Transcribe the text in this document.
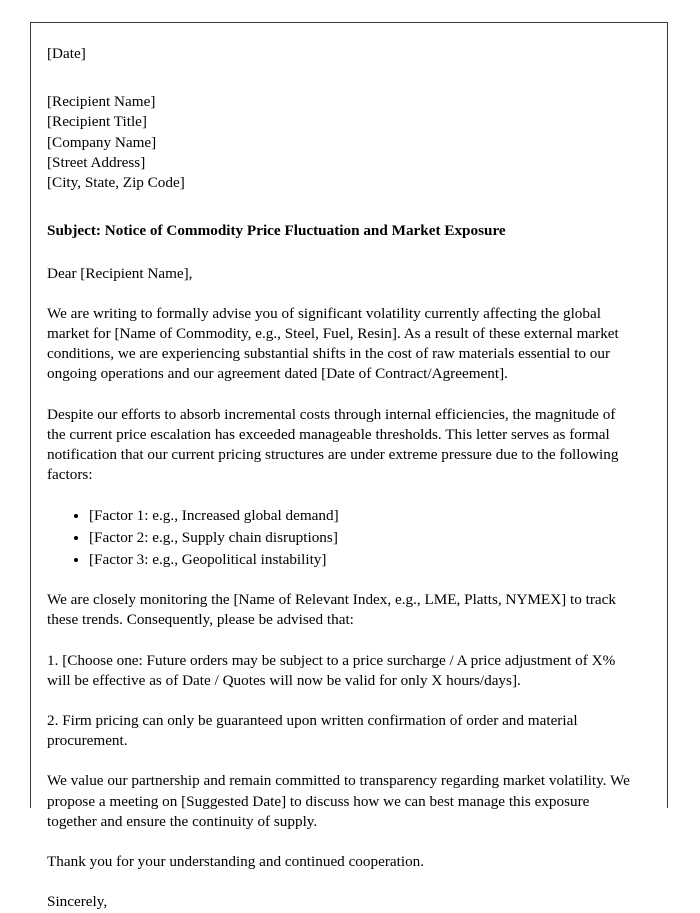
[Date]
[Recipient Name]
[Recipient Title]
[Company Name]
[Street Address]
[City, State, Zip Code]
Subject: Notice of Commodity Price Fluctuation and Market Exposure
Dear [Recipient Name],

We are writing to formally advise you of significant volatility currently affecting the global market for [Name of Commodity, e.g., Steel, Fuel, Resin]. As a result of these external market conditions, we are experiencing substantial shifts in the cost of raw materials essential to our ongoing operations and our agreement dated [Date of Contract/Agreement].

Despite our efforts to absorb incremental costs through internal efficiencies, the magnitude of the current price escalation has exceeded manageable thresholds. This letter serves as formal notification that our current pricing structures are under extreme pressure due to the following factors:

• [Factor 1: e.g., Increased global demand]
• [Factor 2: e.g., Supply chain disruptions]
• [Factor 3: e.g., Geopolitical instability]

We are closely monitoring the [Name of Relevant Index, e.g., LME, Platts, NYMEX] to track these trends. Consequently, please be advised that:

1. [Choose one: Future orders may be subject to a price surcharge / A price adjustment of X% will be effective as of Date / Quotes will now be valid for only X hours/days].

2. Firm pricing can only be guaranteed upon written confirmation of order and material procurement.

We value our partnership and remain committed to transparency regarding market volatility. We propose a meeting on [Suggested Date] to discuss how we can best manage this exposure together and ensure the continuity of supply.

Thank you for your understanding and continued cooperation.

Sincerely,
